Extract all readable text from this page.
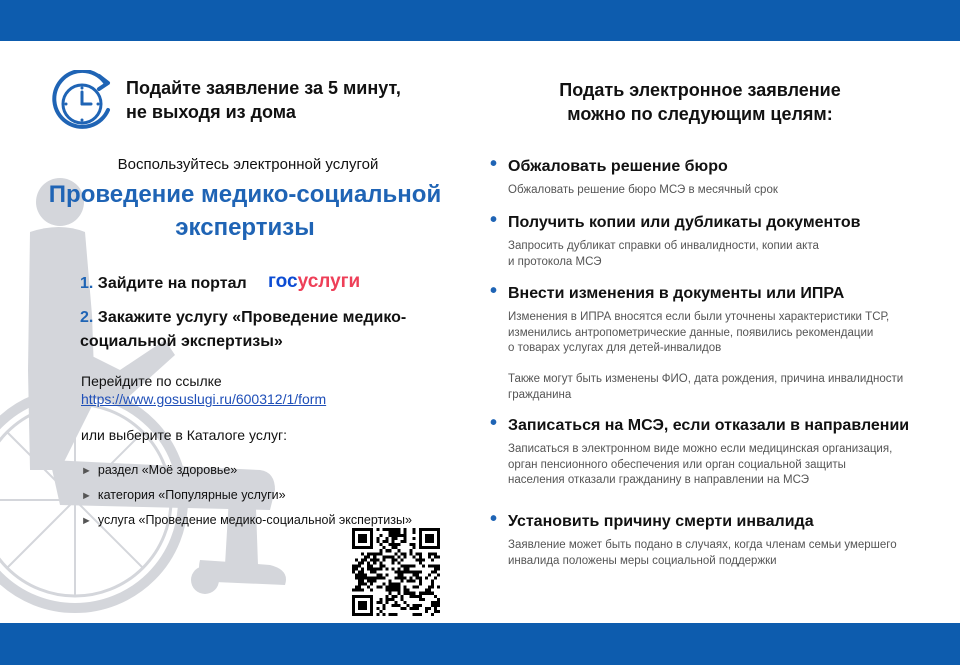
Подайте заявление за 5 минут,
не выходя из дома
Воспользуйтесь электронной услугой
Проведение медико-социальной
экспертизы
1. Зайдите на портал госуслуги
2. Закажите услугу «Проведение медико-социальной экспертизы»
Перейдите по ссылке
https://www.gosuslugi.ru/600312/1/form
или выберите в Каталоге услуг:
► раздел «Моё здоровье»
► категория «Популярные услуги»
► услуга «Проведение медико-социальной экспертизы»
Подать электронное заявление
можно по следующим целям:
• Обжаловать решение бюро
Обжаловать решение бюро МСЭ в месячный срок
• Получить копии или дубликаты документов
Запросить дубликат справки об инвалидности, копии акта
и протокола МСЭ
• Внести изменения в документы или ИПРА
Изменения в ИПРА вносятся если были уточнены характеристики ТСР,
изменились антропометрические данные, появились рекомендации
о товарах услугах для детей-инвалидов
Также могут быть изменены ФИО, дата рождения, причина инвалидности
гражданина
• Записаться на МСЭ, если отказали в направлении
Записаться в электронном виде можно если медицинская организация,
орган пенсионного обеспечения или орган социальной защиты
населения отказали гражданину в направлении на МСЭ
• Установить причину смерти инвалида
Заявление может быть подано в случаях, когда членам семьи умершего
инвалида положены меры социальной поддержки
